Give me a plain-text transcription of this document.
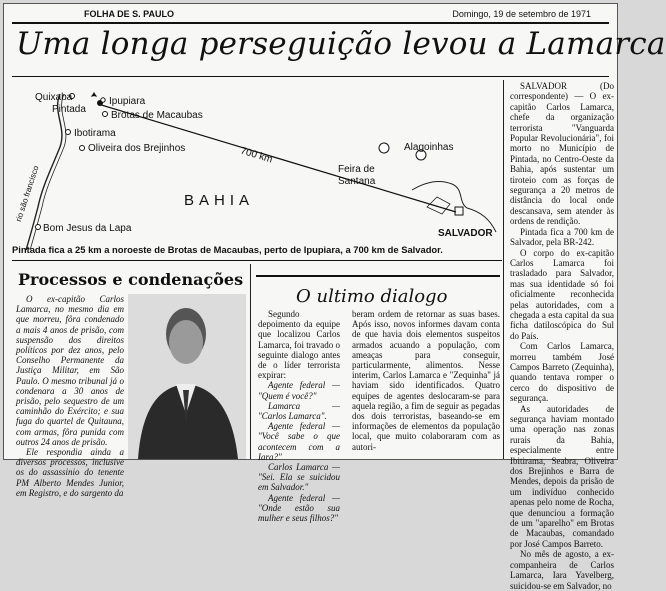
FOLHA DE S. PAULO	Domingo, 19 de setembro de 1971
Uma longa perseguição levou a Lamarca
Quixaba
Pintada
Ipupiara
Brotas de Macaubas
Ibotirama
Oliveira dos Brejinhos	Alagoinhas
Feira de Santana
SALVADOR
Bom Jesus da Lapa
BAHIA
700 km
rio são francisco
Pintada fica a 25 km a noroeste de Brotas de Macaubas, perto de Ipupiara, a 700 km de Salvador.

SALVADOR (Do correspondente) — O ex-capitão Carlos Lamarca, chefe da organização terrorista "Vanguarda Popular Revolucionária", foi morto no Município de Pintada, no Centro-Oeste da Bahia, após sustentar um tiroteio com as forças de segurança a 20 metros de distância do local onde descansava, sem atender às ordens de rendição.

Pintada fica a 700 km de Salvador, pela BR-242.

O corpo do ex-capitão Carlos Lamarca foi trasladado para Salvador, mas sua identidade só foi oficialmente reconhecida pelas autoridades, com a chegada a esta capital da sua ficha datiloscópica do Sul do País.

Com Carlos Lamarca, morreu também José Campos Barreto (Zequinha), quando tentava romper o cerco do dispositivo de segurança.

As autoridades de segurança haviam montado uma operação nas zonas rurais da Bahia, especialmente entre Ibitirama, Seabra, Oliveira dos Brejinhos e Barra de Mendes, depois da prisão de um indivíduo conhecido apenas pelo nome de Rocha, que denunciou a formação de um "aparelho" em Brotas de Macaubas, comandado por José Campos Barreto.

No mês de agosto, a ex-companheira de Carlos Lamarca, Iara Yavelberg, suicidou-se em Salvador, no

Processos e condenações

O ex-capitão Carlos Lamarca, no mesmo dia em que morreu, fôra condenado a mais 4 anos de prisão, com suspensão dos direitos políticos por dez anos, pelo Conselho Permanente da Justiça Militar, em São Paulo. O mesmo tribunal já o condenara a 30 anos de prisão, pelo sequestro de um caminhão do Exército; e sua fuga do quartel de Quitauna, com armas, fôra punida com outros 24 anos de prisão.

Ele respondia ainda a diversos processos, inclusive os do assassinio do tenente PM Alberto Mendes Junior, em Registro, e do sargento da

O ultimo dialogo

Segundo depoimento da equipe que localizou Carlos Lamarca, foi travado o seguinte dialogo antes de o líder terrorista expirar:

Agente federal — "Quem é você?"

Lamarca — "Carlos Lamarca".

Agente federal — "Você sabe o que acontecem com a Iara?"

Carlos Lamarca — "Sei. Ela se suicidou em Salvador."

Agente federal — "Onde estão sua mulher e seus filhos?"

beram ordem de retornar as suas bases. Após isso, novos informes davam conta de que havia dois elementos suspeitos armados acuando a população, com ameaças para conseguir, particularmente, alimentos. Nesse interim, Carlos Lamarca e "Zequinha" já haviam sido identificados. Quatro equipes de agentes deslocaram-se para aquela região, a fim de seguir as pegadas dos dois terroristas, baseando-se em informações de elementos da população local, que muito colaboraram com as autori-
